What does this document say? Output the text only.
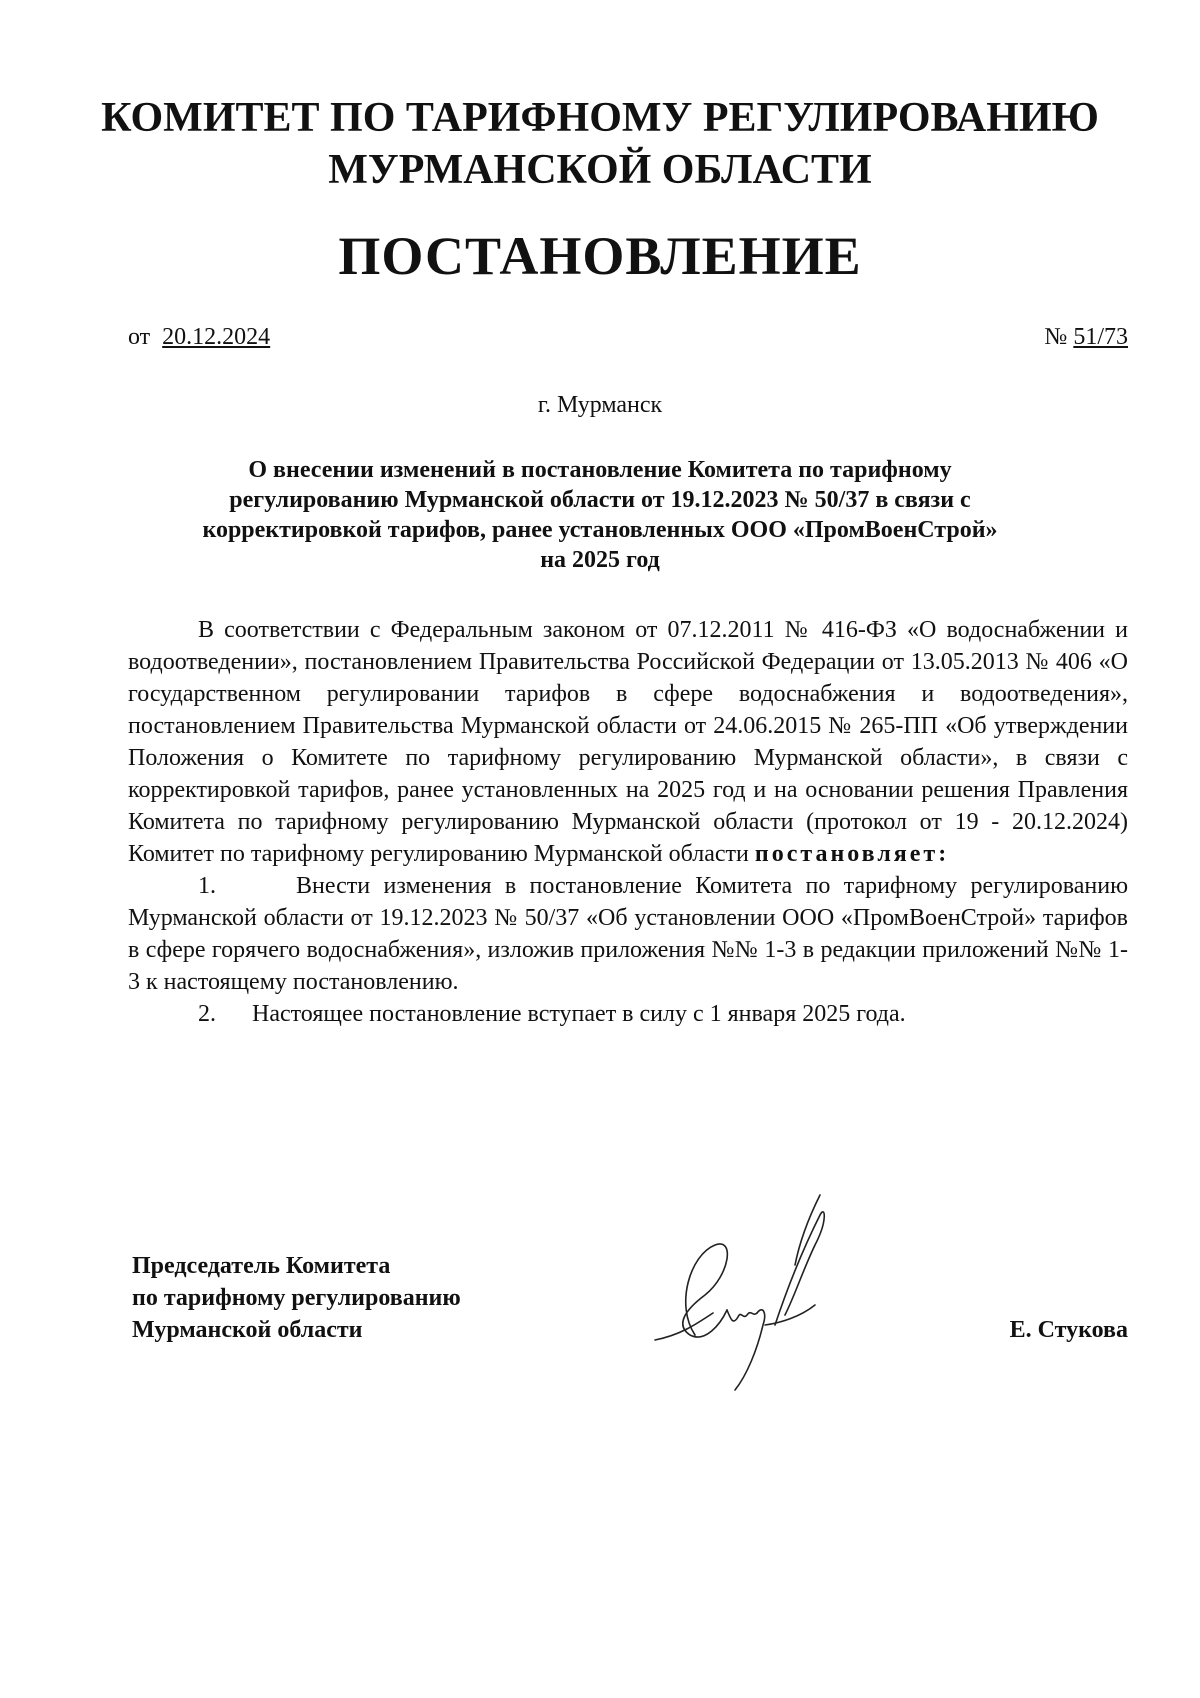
КОМИТЕТ ПО ТАРИФНОМУ РЕГУЛИРОВАНИЮ
МУРМАНСКОЙ ОБЛАСТИ
ПОСТАНОВЛЕНИЕ
от 20.12.2024	№ 51/73
г. Мурманск
О внесении изменений в постановление Комитета по тарифному
регулированию Мурманской области от 19.12.2023 № 50/37 в связи с
корректировкой тарифов, ранее установленных ООО «ПромВоенСтрой»
на 2025 год

В соответствии с Федеральным законом от 07.12.2011 № 416-ФЗ «О водоснабжении и водоотведении», постановлением Правительства Российской Федерации от 13.05.2013 № 406 «О государственном регулировании тарифов в сфере водоснабжения и водоотведения», постановлением Правительства Мурманской области от 24.06.2015 № 265-ПП «Об утверждении Положения о Комитете по тарифному регулированию Мурманской области», в связи с корректировкой тарифов, ранее установленных на 2025 год и на основании решения Правления Комитета по тарифному регулированию Мурманской области (протокол от 19 - 20.12.2024) Комитет по тарифному регулированию Мурманской области постановляет:

1.	Внести изменения в постановление Комитета по тарифному регулированию Мурманской области от 19.12.2023 № 50/37 «Об установлении ООО «ПромВоенСтрой» тарифов в сфере горячего водоснабжения», изложив приложения №№ 1-3 в редакции приложений №№ 1-3 к настоящему постановлению.

2. Настоящее постановление вступает в силу с 1 января 2025 года.

Председатель Комитета
по тарифному регулированию
Мурманской области	Е. Стукова
